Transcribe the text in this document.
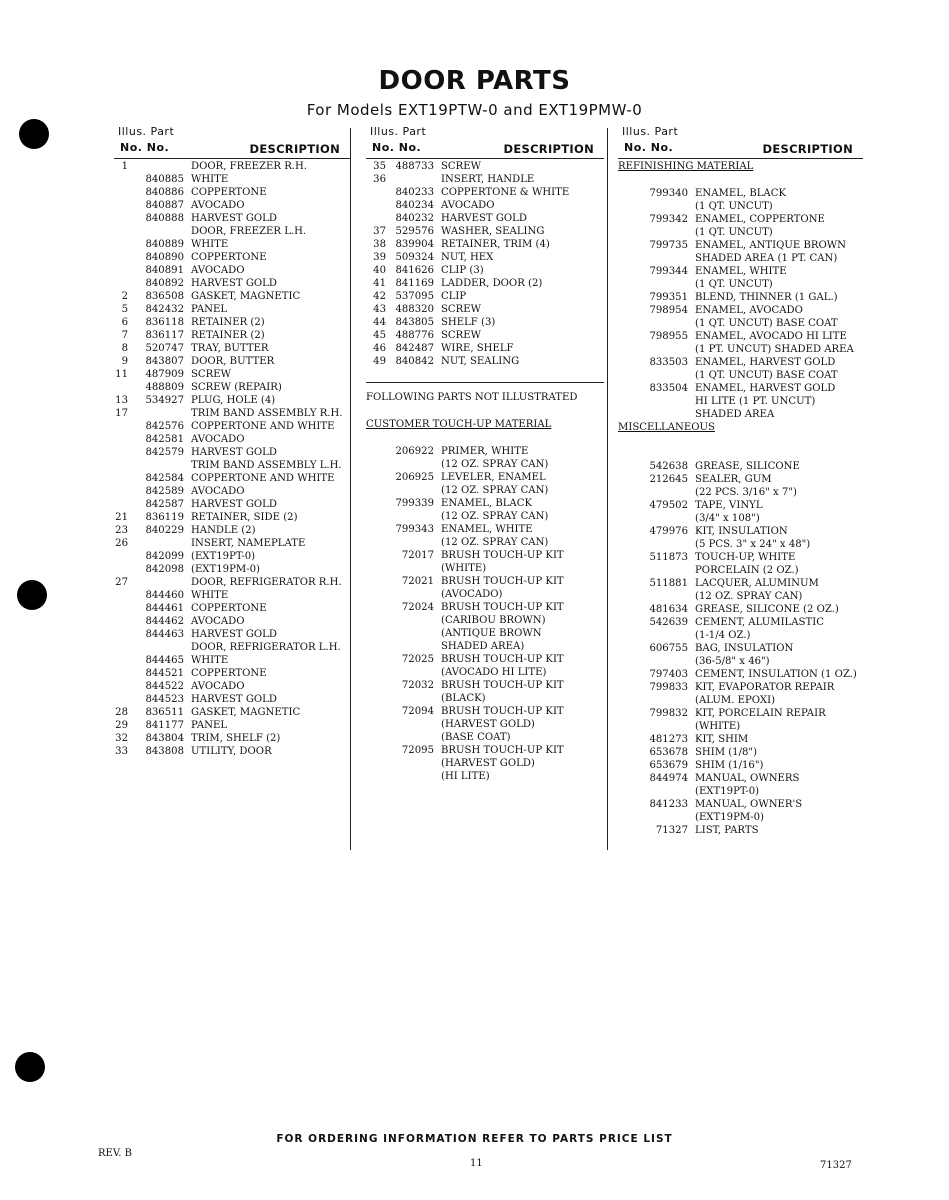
DOOR PARTS
For Models EXT19PTW-0 and EXT19PMW-0
Illus. Part
No. No.	DESCRIPTION
1	DOOR, FREEZER R.H.
840885 WHITE
840886 COPPERTONE
840887 AVOCADO
840888 HARVEST GOLD
DOOR, FREEZER L.H.
840889 WHITE
840890 COPPERTONE
840891 AVOCADO
840892 HARVEST GOLD
2	836508 GASKET, MAGNETIC
5	842432 PANEL
6	836118 RETAINER (2)
7	836117 RETAINER (2)
8	520747 TRAY, BUTTER
9	843807 DOOR, BUTTER
11	487909 SCREW
488809 SCREW (REPAIR)
13	534927 PLUG, HOLE (4)
17	TRIM BAND ASSEMBLY R.H.
842576 COPPERTONE AND WHITE
842581 AVOCADO
842579 HARVEST GOLD
TRIM BAND ASSEMBLY L.H.
842584 COPPERTONE AND WHITE
842589 AVOCADO
842587 HARVEST GOLD
21	836119 RETAINER, SIDE (2)
23	840229 HANDLE (2)
26	INSERT, NAMEPLATE
842099 (EXT19PT-0)
842098 (EXT19PM-0)
27	DOOR, REFRIGERATOR R.H.
844460 WHITE
844461 COPPERTONE
844462 AVOCADO
844463 HARVEST GOLD
DOOR, REFRIGERATOR L.H.
844465 WHITE
844521 COPPERTONE
844522 AVOCADO
844523 HARVEST GOLD
28	836511 GASKET, MAGNETIC
29	841177 PANEL
32	843804 TRIM, SHELF (2)
33	843808 UTILITY, DOOR
Illus. Part
No. No.	DESCRIPTION
35 488733 SCREW
36	INSERT, HANDLE
840233 COPPERTONE & WHITE
840234 AVOCADO
840232 HARVEST GOLD
37 529576 WASHER, SEALING
38 839904 RETAINER, TRIM (4)
39 509324 NUT, HEX
40 841626 CLIP (3)
41 841169 LADDER, DOOR (2)
42 537095 CLIP
43 488320 SCREW
44 843805 SHELF (3)
45 488776 SCREW
46 842487 WIRE, SHELF
49 840842 NUT, SEALING
FOLLOWING PARTS NOT ILLUSTRATED
CUSTOMER TOUCH-UP MATERIAL
206922 PRIMER, WHITE
(12 OZ. SPRAY CAN)
206925 LEVELER, ENAMEL
(12 OZ. SPRAY CAN)
799339 ENAMEL, BLACK
(12 OZ. SPRAY CAN)
799343 ENAMEL, WHITE
(12 OZ. SPRAY CAN)
72017 BRUSH TOUCH-UP KIT
(WHITE)
72021 BRUSH TOUCH-UP KIT
(AVOCADO)
72024 BRUSH TOUCH-UP KIT
(CARIBOU BROWN)
(ANTIQUE BROWN
SHADED AREA)
72025 BRUSH TOUCH-UP KIT
(AVOCADO HI LITE)
72032 BRUSH TOUCH-UP KIT
(BLACK)
72094 BRUSH TOUCH-UP KIT
(HARVEST GOLD)
(BASE COAT)
72095 BRUSH TOUCH-UP KIT
(HARVEST GOLD)
(HI LITE)
Illus. Part
No. No.	DESCRIPTION
REFINISHING MATERIAL
799340 ENAMEL, BLACK
(1 QT. UNCUT)
799342 ENAMEL, COPPERTONE
(1 QT. UNCUT)
799735 ENAMEL, ANTIQUE BROWN
SHADED AREA (1 PT. CAN)
799344 ENAMEL, WHITE
(1 QT. UNCUT)
799351 BLEND, THINNER (1 GAL.)
798954 ENAMEL, AVOCADO
(1 QT. UNCUT) BASE COAT
798955 ENAMEL, AVOCADO HI LITE
(1 PT. UNCUT) SHADED AREA
833503 ENAMEL, HARVEST GOLD
(1 QT. UNCUT) BASE COAT
833504 ENAMEL, HARVEST GOLD
HI LITE (1 PT. UNCUT)
SHADED AREA
MISCELLANEOUS
542638 GREASE, SILICONE
212645 SEALER, GUM
(22 PCS. 3/16" x 7")
479502 TAPE, VINYL
(3/4" x 108")
479976 KIT, INSULATION
(5 PCS. 3" x 24" x 48")
511873 TOUCH-UP, WHITE
PORCELAIN (2 OZ.)
511881 LACQUER, ALUMINUM
(12 OZ. SPRAY CAN)
481634 GREASE, SILICONE (2 OZ.)
542639 CEMENT, ALUMILASTIC
(1-1/4 OZ.)
606755 BAG, INSULATION
(36-5/8" x 46")
797403 CEMENT, INSULATION (1 OZ.)
799833 KIT, EVAPORATOR REPAIR
(ALUM. EPOXI)
799832 KIT, PORCELAIN REPAIR
(WHITE)
481273 KIT, SHIM
653678 SHIM (1/8")
653679 SHIM (1/16")
844974 MANUAL, OWNERS
(EXT19PT-0)
841233 MANUAL, OWNER'S
(EXT19PM-0)
71327 LIST, PARTS
FOR ORDERING INFORMATION REFER TO PARTS PRICE LIST
REV. B
11	71327
